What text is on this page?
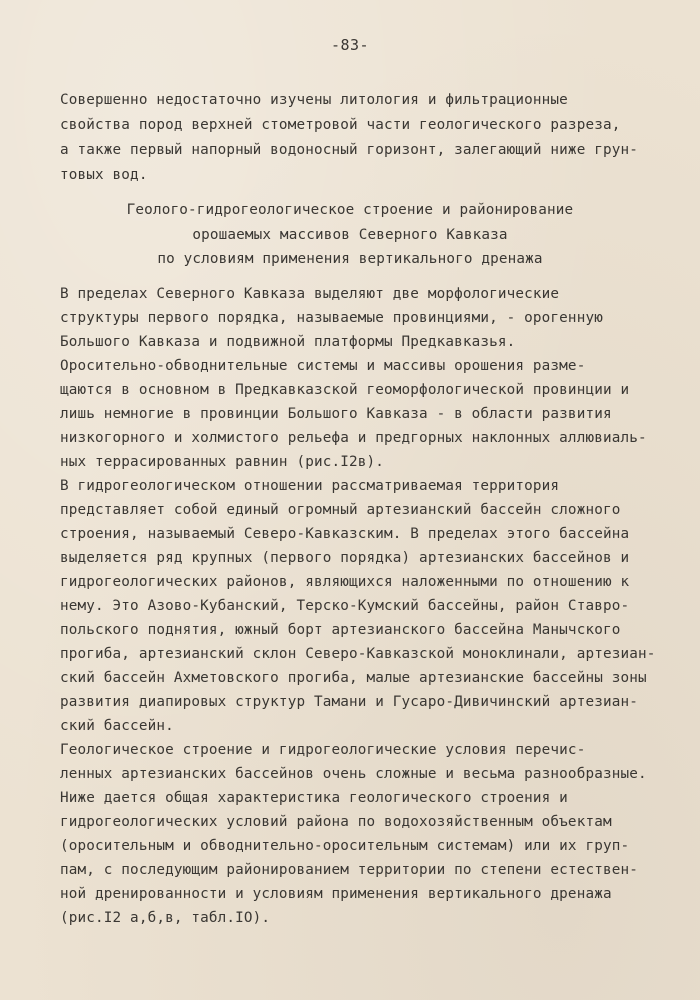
-83-
Совершенно недостаточно изучены литология и фильтрационные
свойства пород верхней стометровой части геологического разреза,
а также первый напорный водоносный горизонт, залегающий ниже грун-
товых вод.
Геолого-гидрогеологическое строение и районирование
орошаемых массивов Северного Кавказа
по условиям применения вертикального дренажа
В пределах Северного Кавказа выделяют две морфологические
структуры первого порядка, называемые провинциями, - орогенную
Большого Кавказа и подвижной платформы Предкавказья.
Оросительно-обводнительные системы и массивы орошения разме-
щаются в основном в Предкавказской геоморфологической провинции и
лишь немногие в провинции Большого Кавказа - в области развития
низкогорного и холмистого рельефа и предгорных наклонных аллювиаль-
ных террасированных равнин (рис.I2в).
В гидрогеологическом отношении рассматриваемая территория
представляет собой единый огромный артезианский бассейн сложного
строения, называемый Северо-Кавказским. В пределах этого бассейна
выделяется ряд крупных (первого порядка) артезианских бассейнов и
гидрогеологических районов, являющихся наложенными по отношению к
нему. Это Азово-Кубанский, Терско-Кумский бассейны, район Ставро-
польского поднятия, южный борт артезианского бассейна Манычского
прогиба, артезианский склон Северо-Кавказской моноклинали, артезиан-
ский бассейн Ахметовского прогиба, малые артезианские бассейны зоны
развития диапировых структур Тамани и Гусаро-Дивичинский артезиан-
ский бассейн.
Геологическое строение и гидрогеологические условия перечис-
ленных артезианских бассейнов очень сложные и весьма разнообразные.
Ниже дается общая характеристика геологического строения и
гидрогеологических условий района по водохозяйственным объектам
(оросительным и обводнительно-оросительным системам) или их груп-
пам, с последующим районированием территории по степени естествен-
ной дренированности и условиям применения вертикального дренажа
(рис.I2 а,б,в, табл.IО).
